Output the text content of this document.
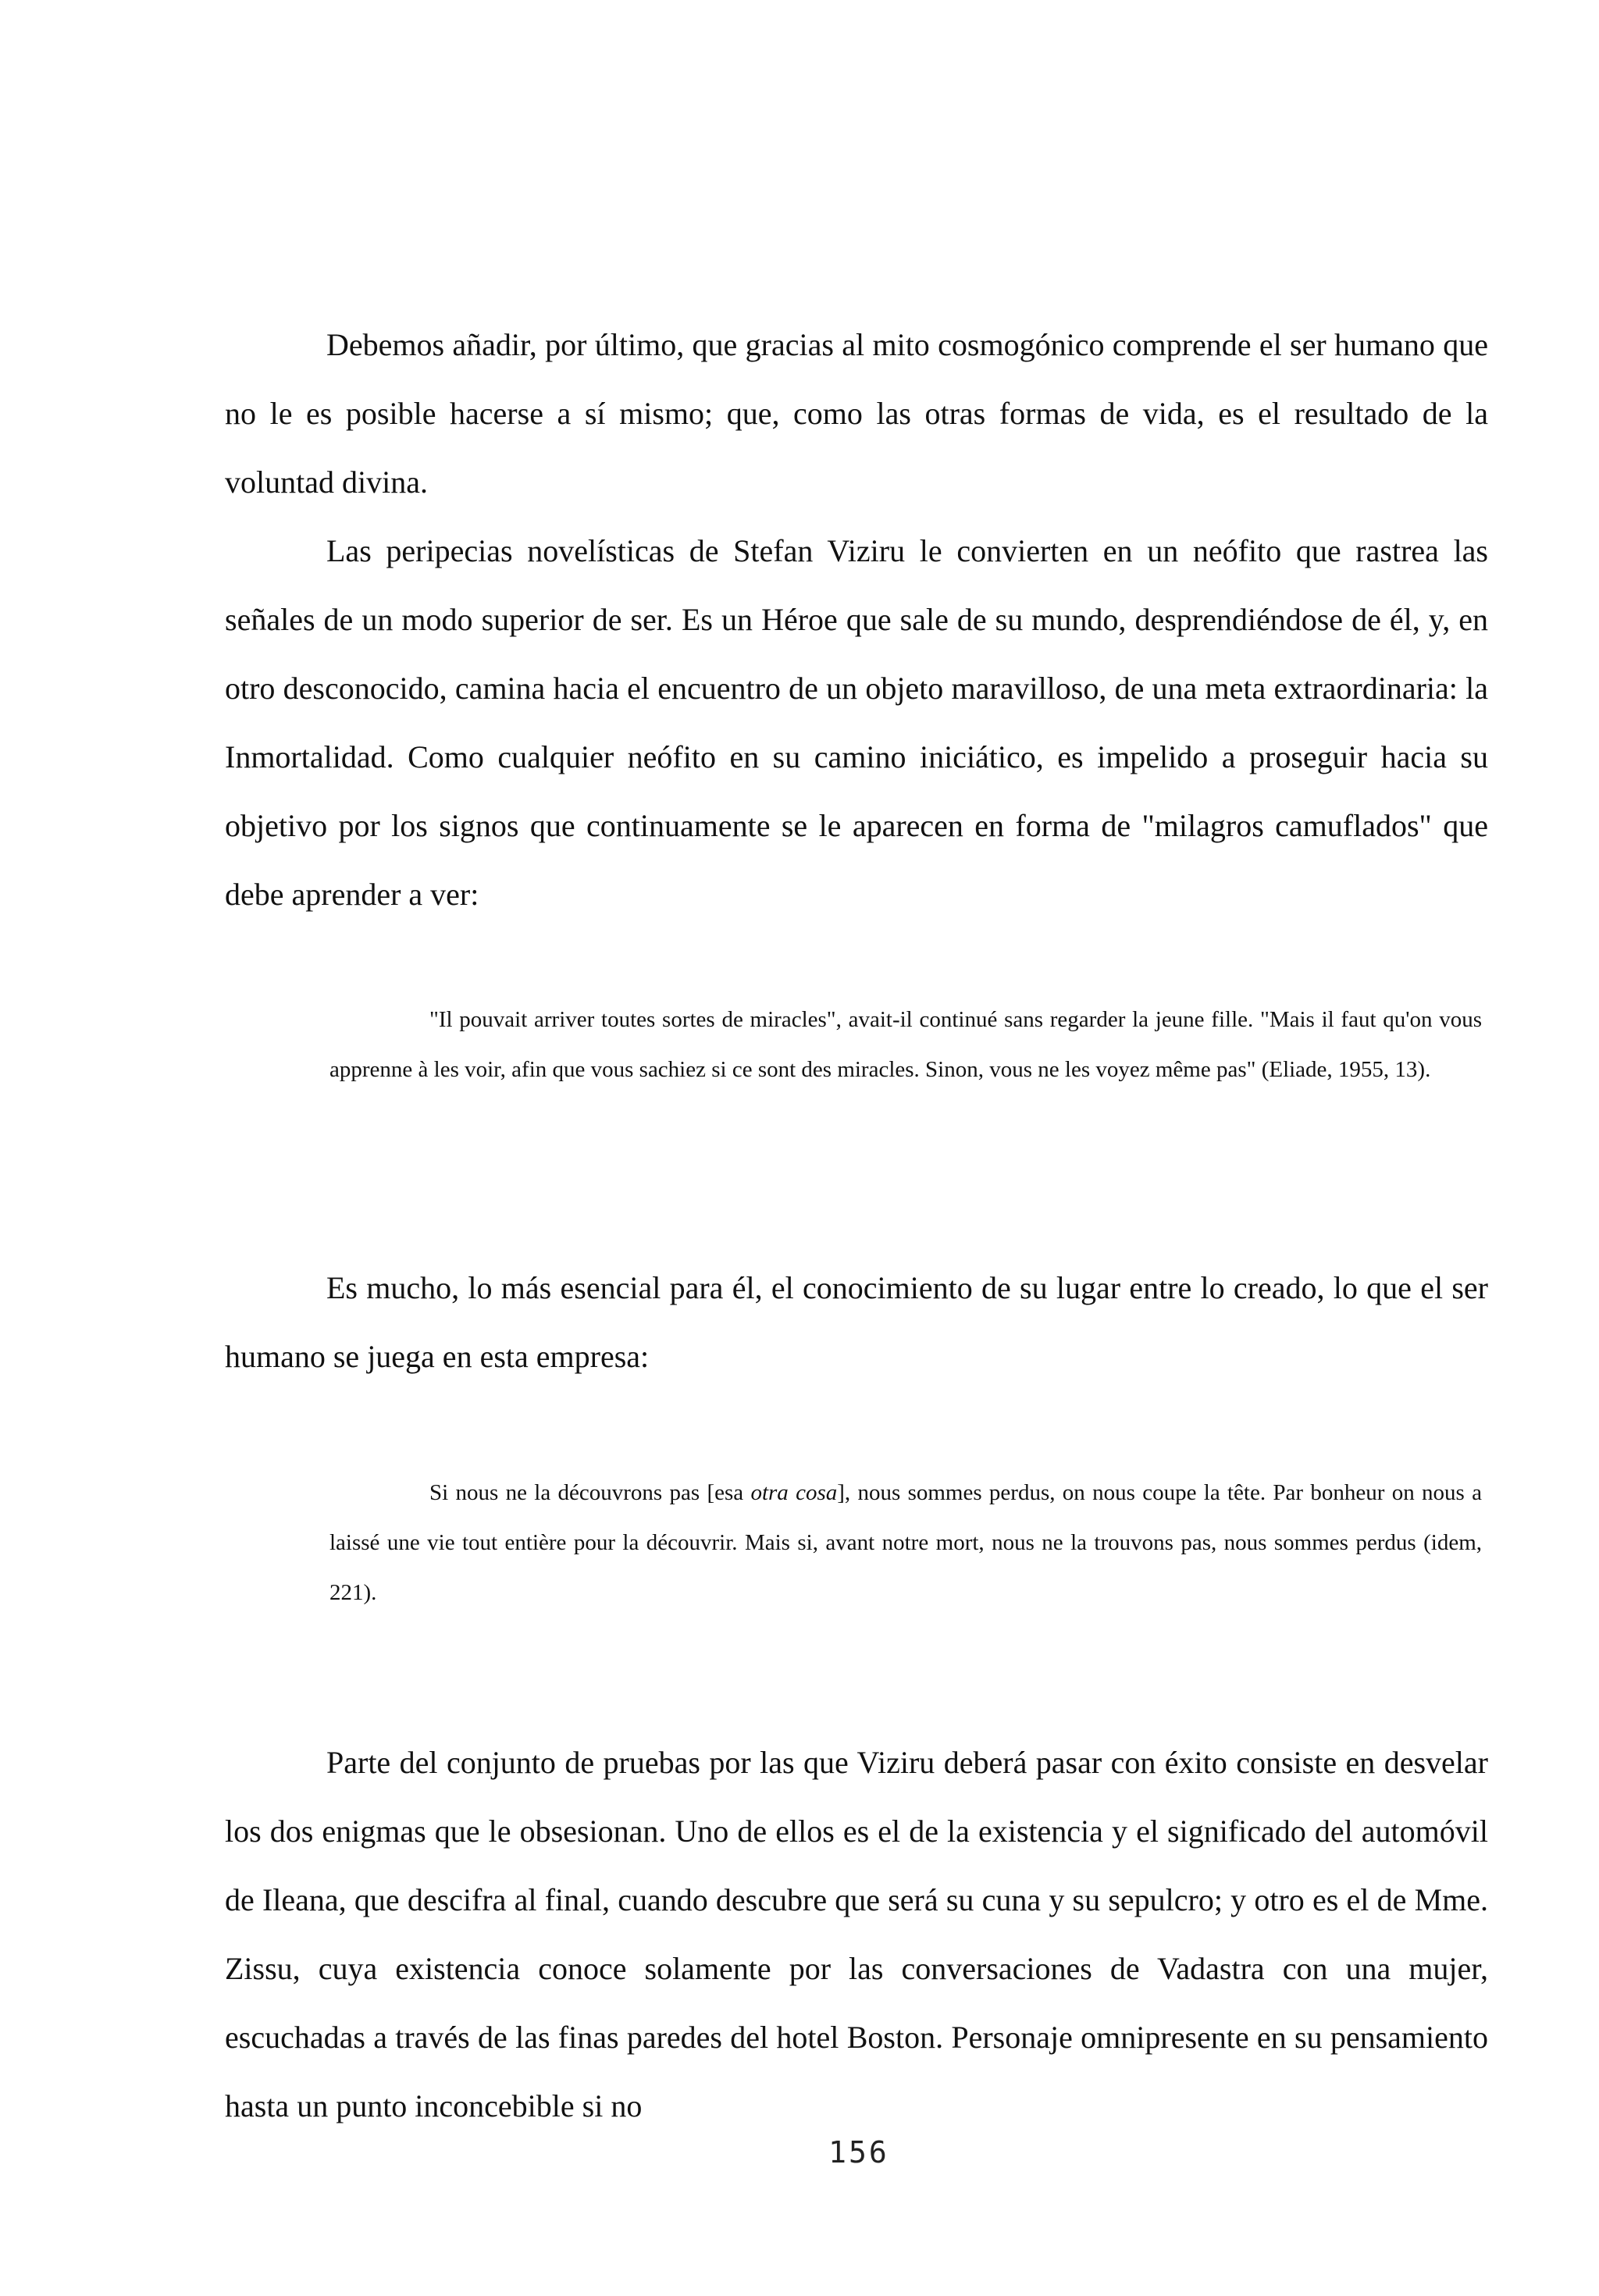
Debemos añadir, por último, que gracias al mito cosmogónico comprende el ser humano que no le es posible hacerse a sí mismo; que, como las otras formas de vida, es el resultado de la voluntad divina.

Las peripecias novelísticas de Stefan Viziru le convierten en un neófito que rastrea las señales de un modo superior de ser. Es un Héroe que sale de su mundo, desprendiéndose de él, y, en otro desconocido, camina hacia el encuentro de un objeto maravilloso, de una meta extraordinaria: la Inmortalidad. Como cualquier neófito en su camino iniciático, es impelido a proseguir hacia su objetivo por los signos que continuamente se le aparecen en forma de "milagros camuflados" que debe aprender a ver:

"Il pouvait arriver toutes sortes de miracles", avait-il continué sans regarder la jeune fille. "Mais il faut qu'on vous apprenne à les voir, afin que vous sachiez si ce sont des miracles. Sinon, vous ne les voyez même pas" (Eliade, 1955, 13).

Es mucho, lo más esencial para él, el conocimiento de su lugar entre lo creado, lo que el ser humano se juega en esta empresa:

Si nous ne la découvrons pas [esa otra cosa], nous sommes perdus, on nous coupe la tête. Par bonheur on nous a laissé une vie tout entière pour la découvrir. Mais si, avant notre mort, nous ne la trouvons pas, nous sommes perdus (idem, 221).

Parte del conjunto de pruebas por las que Viziru deberá pasar con éxito consiste en desvelar los dos enigmas que le obsesionan. Uno de ellos es el de la existencia y el significado del automóvil de Ileana, que descifra al final, cuando descubre que será su cuna y su sepulcro; y otro es el de Mme. Zissu, cuya existencia conoce solamente por las conversaciones de Vadastra con una mujer, escuchadas a través de las finas paredes del hotel Boston. Personaje omnipresente en su pensamiento hasta un punto inconcebible si no

156
